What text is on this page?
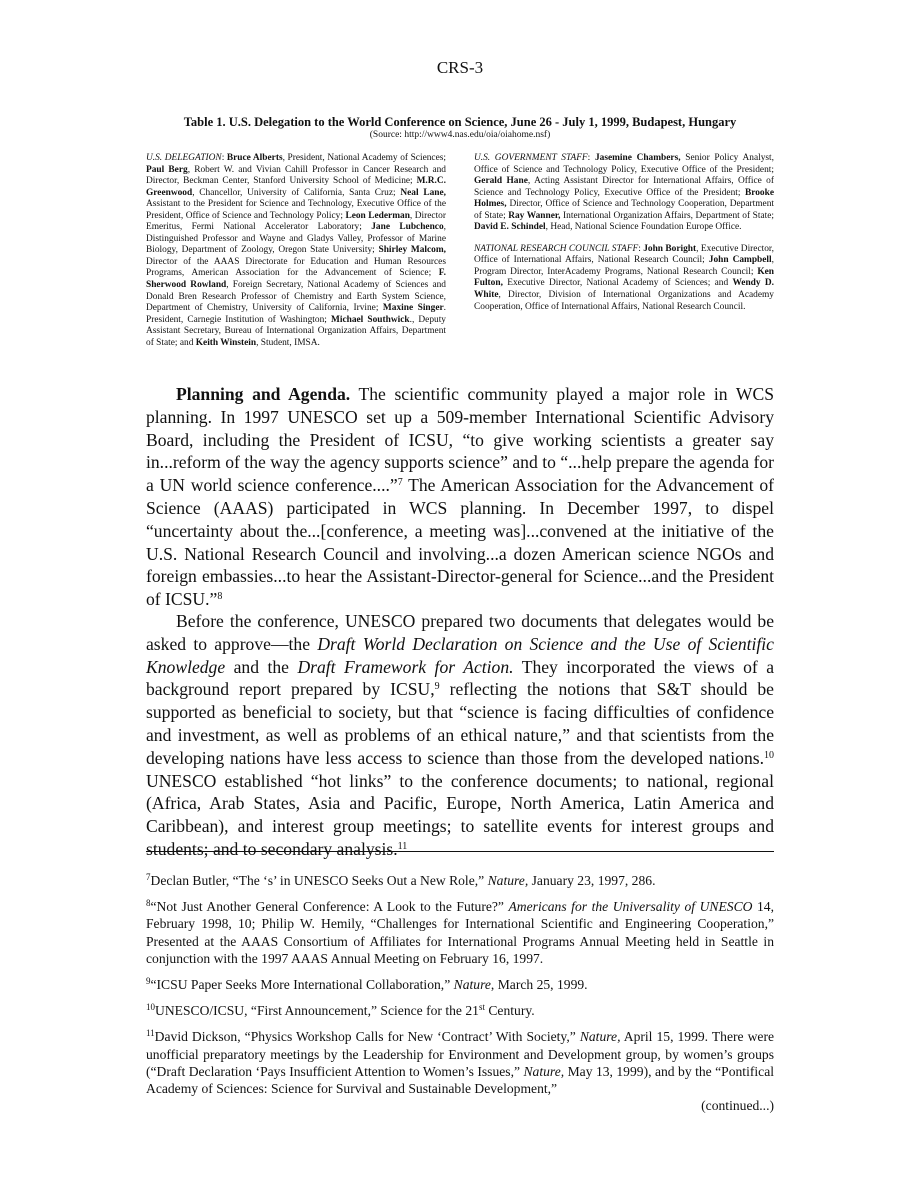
CRS-3
Table 1. U.S. Delegation to the World Conference on Science, June 26 - July 1, 1999, Budapest, Hungary
(Source: http://www4.nas.edu/oia/oiahome.nsf)

U.S. DELEGATION: Bruce Alberts, President, National Academy of Sciences; Paul Berg, Robert W. and Vivian Cahill Professor in Cancer Research and Director, Beckman Center, Stanford University School of Medicine; M.R.C. Greenwood, Chancellor, University of California, Santa Cruz; Neal Lane, Assistant to the President for Science and Technology, Executive Office of the President, Office of Science and Technology Policy; Leon Lederman, Director Emeritus, Fermi National Accelerator Laboratory; Jane Lubchenco, Distinguished Professor and Wayne and Gladys Valley, Professor of Marine Biology, Department of Zoology, Oregon State University; Shirley Malcom, Director of the AAAS Directorate for Education and Human Resources Programs, American Association for the Advancement of Science; F. Sherwood Rowland, Foreign Secretary, National Academy of Sciences and Donald Bren Research Professor of Chemistry and Earth System Science, Department of Chemistry, University of California, Irvine; Maxine Singer. President, Carnegie Institution of Washington; Michael Southwick., Deputy Assistant Secretary, Bureau of International Organization Affairs, Department of State; and Keith Winstein, Student, IMSA.

U.S. GOVERNMENT STAFF: Jasemine Chambers, Senior Policy Analyst, Office of Science and Technology Policy, Executive Office of the President; Gerald Hane, Acting Assistant Director for International Affairs, Office of Science and Technology Policy, Executive Office of the President; Brooke Holmes, Director, Office of Science and Technology Cooperation, Department of State; Ray Wanner, International Organization Affairs, Department of State; David E. Schindel, Head, National Science Foundation Europe Office.

NATIONAL RESEARCH COUNCIL STAFF: John Boright, Executive Director, Office of International Affairs, National Research Council; John Campbell, Program Director, InterAcademy Programs, National Research Council; Ken Fulton, Executive Director, National Academy of Sciences; and Wendy D. White, Director, Division of International Organizations and Academy Cooperation, Office of International Affairs, National Research Council.

Planning and Agenda. The scientific community played a major role in WCS planning. In 1997 UNESCO set up a 509-member International Scientific Advisory Board, including the President of ICSU, “to give working scientists a greater say in...reform of the way the agency supports science” and to “...help prepare the agenda for a UN world science conference....”$^7$ The American Association for the Advancement of Science (AAAS) participated in WCS planning. In December 1997, to dispel “uncertainty about the...[conference, a meeting was]...convened at the initiative of the U.S. National Research Council and involving...a dozen American science NGOs and foreign embassies...to hear the Assistant-Director-general for Science...and the President of ICSU.”$^8$

Before the conference, UNESCO prepared two documents that delegates would be asked to approve—the Draft World Declaration on Science and the Use of Scientific Knowledge and the Draft Framework for Action. They incorporated the views of a background report prepared by ICSU,$^9$ reflecting the notions that S&T should be supported as beneficial to society, but that “science is facing difficulties of confidence and investment, as well as problems of an ethical nature,” and that scientists from the developing nations have less access to science than those from the developed nations.$^{10}$ UNESCO established “hot links” to the conference documents; to national, regional (Africa, Arab States, Asia and Pacific, Europe, North America, Latin America and Caribbean), and interest group meetings; to satellite events for interest groups and students; and to secondary analysis.$^{11}$

$^7$Declan Butler, “The ‘s’ in UNESCO Seeks Out a New Role,” Nature, January 23, 1997, 286.

$^8$“Not Just Another General Conference: A Look to the Future?” Americans for the Universality of UNESCO 14, February 1998, 10; Philip W. Hemily, “Challenges for International Scientific and Engineering Cooperation,” Presented at the AAAS Consortium of Affiliates for International Programs Annual Meeting held in Seattle in conjunction with the 1997 AAAS Annual Meeting on February 16, 1997.

$^9$“ICSU Paper Seeks More International Collaboration,” Nature, March 25, 1999.

$^{10}$UNESCO/ICSU, “First Announcement,” Science for the 21st Century.

$^{11}$David Dickson, “Physics Workshop Calls for New ‘Contract’ With Society,” Nature, April 15, 1999. There were unofficial preparatory meetings by the Leadership for Environment and Development group, by women’s groups (“Draft Declaration ‘Pays Insufficient Attention to Women’s Issues,” Nature, May 13, 1999), and by the “Pontifical Academy of Sciences: Science for Survival and Sustainable Development,”

(continued...)
